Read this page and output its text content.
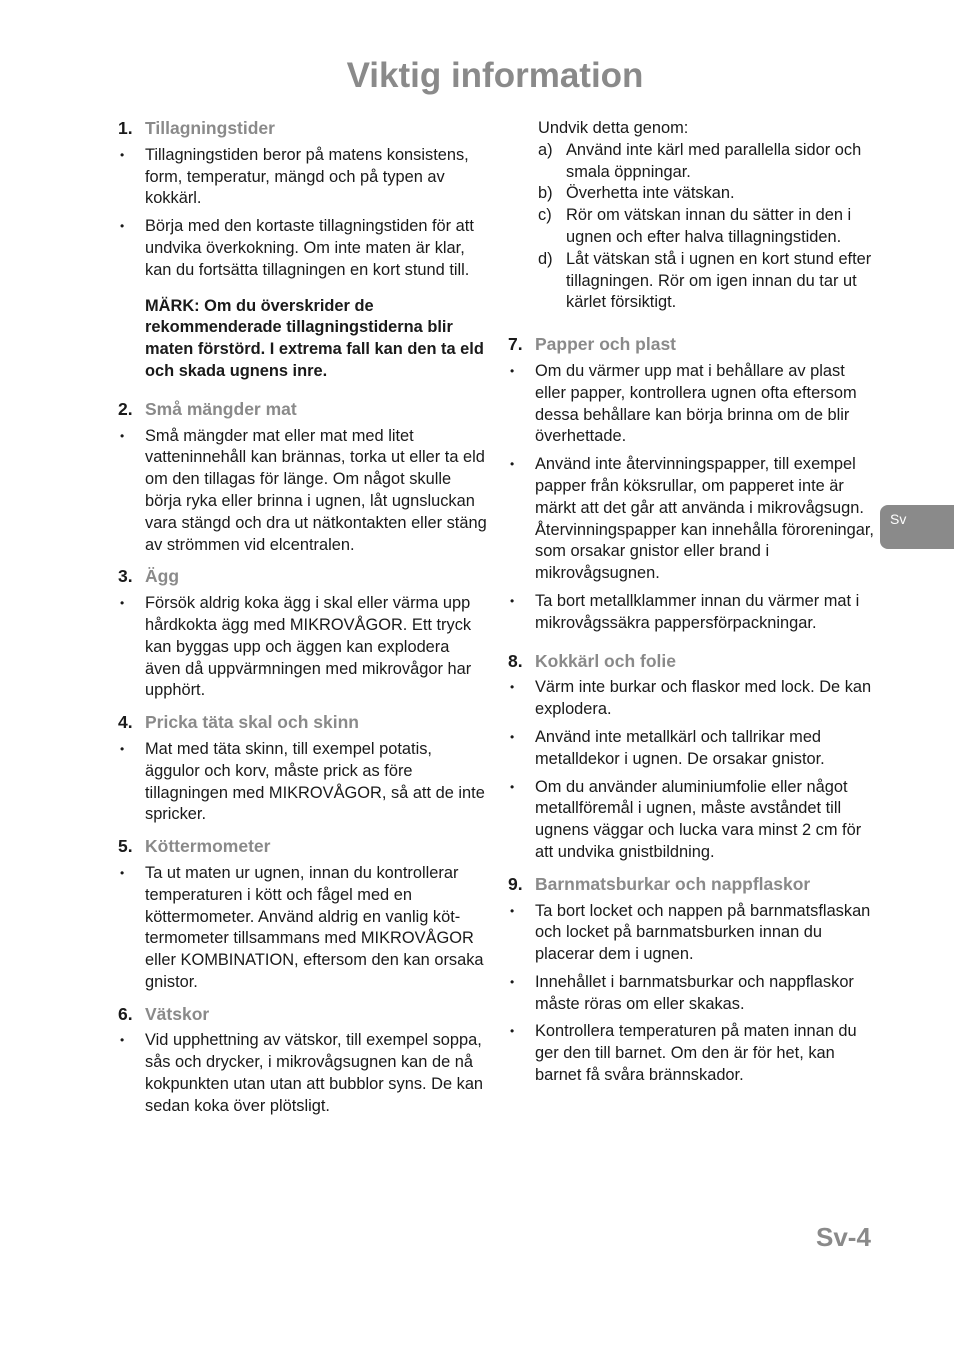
Viktig information
1. Tillagningstider
• Tillagningstiden beror på matens konsistens, form, temperatur, mängd och på typen av kokkärl.
• Börja med den kortaste tillagningstiden för att undvika överkokning. Om inte maten är klar, kan du fortsätta tillagningen en kort stund till.

MÄRK: Om du överskrider de rekommenderade tillagningstiderna blir maten förstörd. I extrema fall kan den ta eld och skada ugnens inre.

2. Små mängder mat
• Små mängder mat eller mat med litet vatteninnehåll kan brännas, torka ut eller ta eld om den tillagas för länge. Om något skulle börja ryka eller brinna i ugnen, låt ugnsluckan vara stängd och dra ut nätkontakten eller stäng av strömmen vid elcentralen.
3. Ägg
• Försök aldrig koka ägg i skal eller värma upp hårdkokta ägg med MIKROVÅGOR. Ett tryck kan byggas upp och äggen kan explodera även då uppvärmningen med mikrovågor har upphört.
4. Pricka täta skal och skinn
• Mat med täta skinn, till exempel potatis, äggulor och korv, måste prick as före tillagningen med MIKROVÅGOR, så att de inte spricker.
5. Köttermometer
• Ta ut maten ur ugnen, innan du kontrollerar temperaturen i kött och fågel med en köttermometer. Använd aldrig en vanlig köt-termometer tillsammans med MIKROVÅGOR eller KOMBINATION, eftersom den kan orsaka gnistor.
6. Vätskor
• Vid upphettning av vätskor, till exempel soppa, sås och drycker, i mikrovågsugnen kan de nå kokpunkten utan utan att bubblor syns. De kan sedan koka över plötsligt.

Undvik detta genom:

a) Använd inte kärl med parallella sidor och smala öppningar.
b) Överhetta inte vätskan.
c) Rör om vätskan innan du sätter in den i ugnen och efter halva tillagningstiden.
d) Låt vätskan stå i ugnen en kort stund efter tillagningen. Rör om igen innan du tar ut kärlet försiktigt.
7. Papper och plast
• Om du värmer upp mat i behållare av plast eller papper, kontrollera ugnen ofta eftersom dessa behållare kan börja brinna om de blir överhettade.
• Använd inte återvinningspapper, till exempel papper från köksrullar, om papperet inte är märkt att det går att använda i mikrovågsugn. Återvinningspapper kan innehålla föroreningar, som orsakar gnistor eller brand i mikrovågsugnen.
• Ta bort metallklammer innan du värmer mat i mikrovågssäkra pappersförpackningar.
8. Kokkärl och folie
• Värm inte burkar och flaskor med lock. De kan explodera.
• Använd inte metallkärl och tallrikar med metalldekor i ugnen. De orsakar gnistor.
• Om du använder aluminiumfolie eller något metallföremål i ugnen, måste avståndet till ugnens väggar och lucka vara minst 2 cm för att undvika gnistbildning.
9. Barnmatsburkar och nappflaskor
• Ta bort locket och nappen på barnmatsflaskan och locket på barnmatsburken innan du placerar dem i ugnen.
• Innehållet i barnmatsburkar och nappflaskor måste röras om eller skakas.
• Kontrollera temperaturen på maten innan du ger den till barnet. Om den är för het, kan barnet få svåra brännskador.
Sv
Sv-4
